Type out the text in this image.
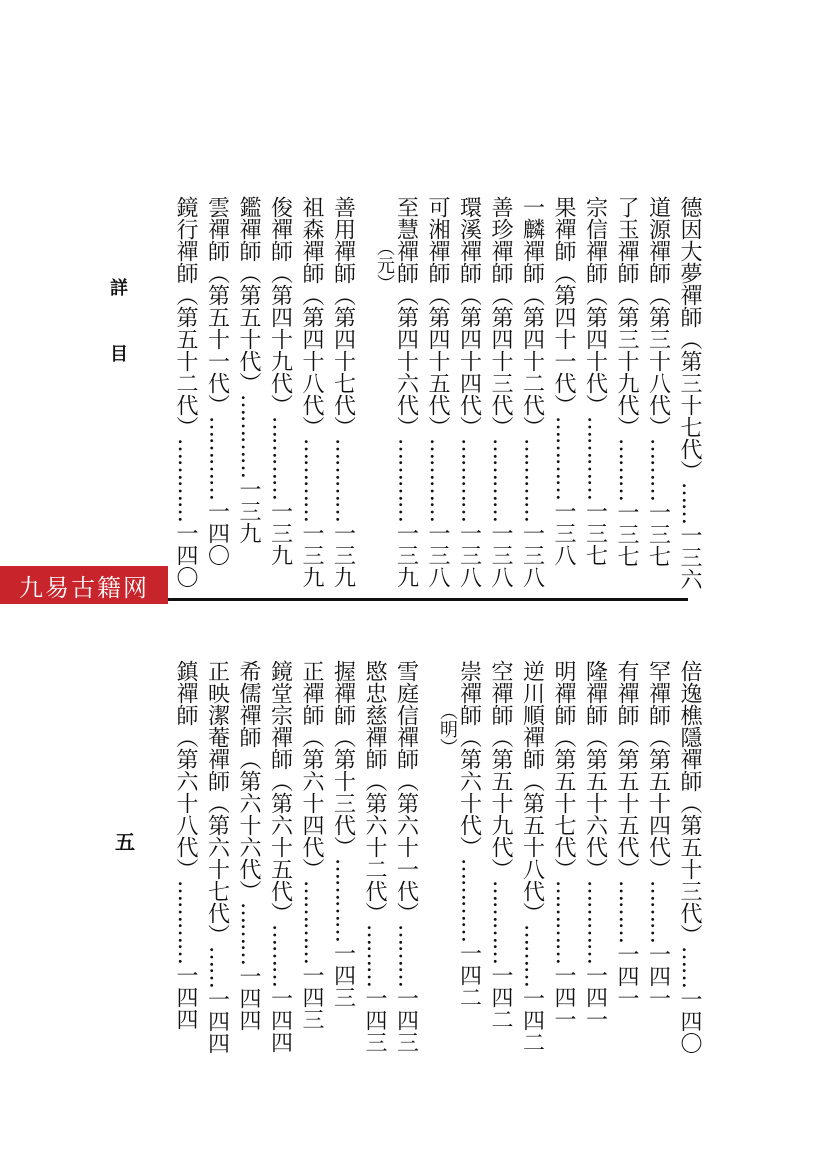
德因大夢禪師（第三十七代）……一三六
道源禪師（第三十八代）………一三七
了玉禪師（第三十九代）………一三七
宗信禪師（第四十代）…………一三七
果禪師（第四十一代）…………一三八
一麟禪師（第四十二代）…………一三八
善珍禪師（第四十三代）…………一三八
環溪禪師（第四十四代）…………一三八
可湘禪師（第四十五代）…………一三八
至慧禪師（第四十六代）…………一三九
（元）
善用禪師（第四十七代）…………一三九
祖森禪師（第四十八代）…………一三九
俊禪師（第四十九代）…………一三九
鑑禪師（第五十代）…………一三九
雲禪師（第五十一代）…………一四〇
鏡行禪師（第五十二代）…………一四〇
倍逸樵隱禪師（第五十三代）……一四〇
罕禪師（第五十四代）………一四一
有禪師（第五十五代）………一四一
隆禪師（第五十六代）…………一四一
明禪師（第五十七代）…………一四一
逆川順禪師（第五十八代）………一四二
空禪師（第五十九代）…………一四二
崇禪師（第六十代）…………一四二
（明）
雪庭信禪師（第六十一代）………一四三
愍忠慈禪師（第六十二代）………一四三
握禪師（第十三代）…………一四三
正禪師（第六十四代）…………一四三
鏡堂宗禪師（第六十五代）………一四四
希儒禪師（第六十六代）………一四四
正映潔菴禪師（第六十七代）……一四四
鎮禪師（第六十八代）…………一四四
詳
目
五
九易古籍网
